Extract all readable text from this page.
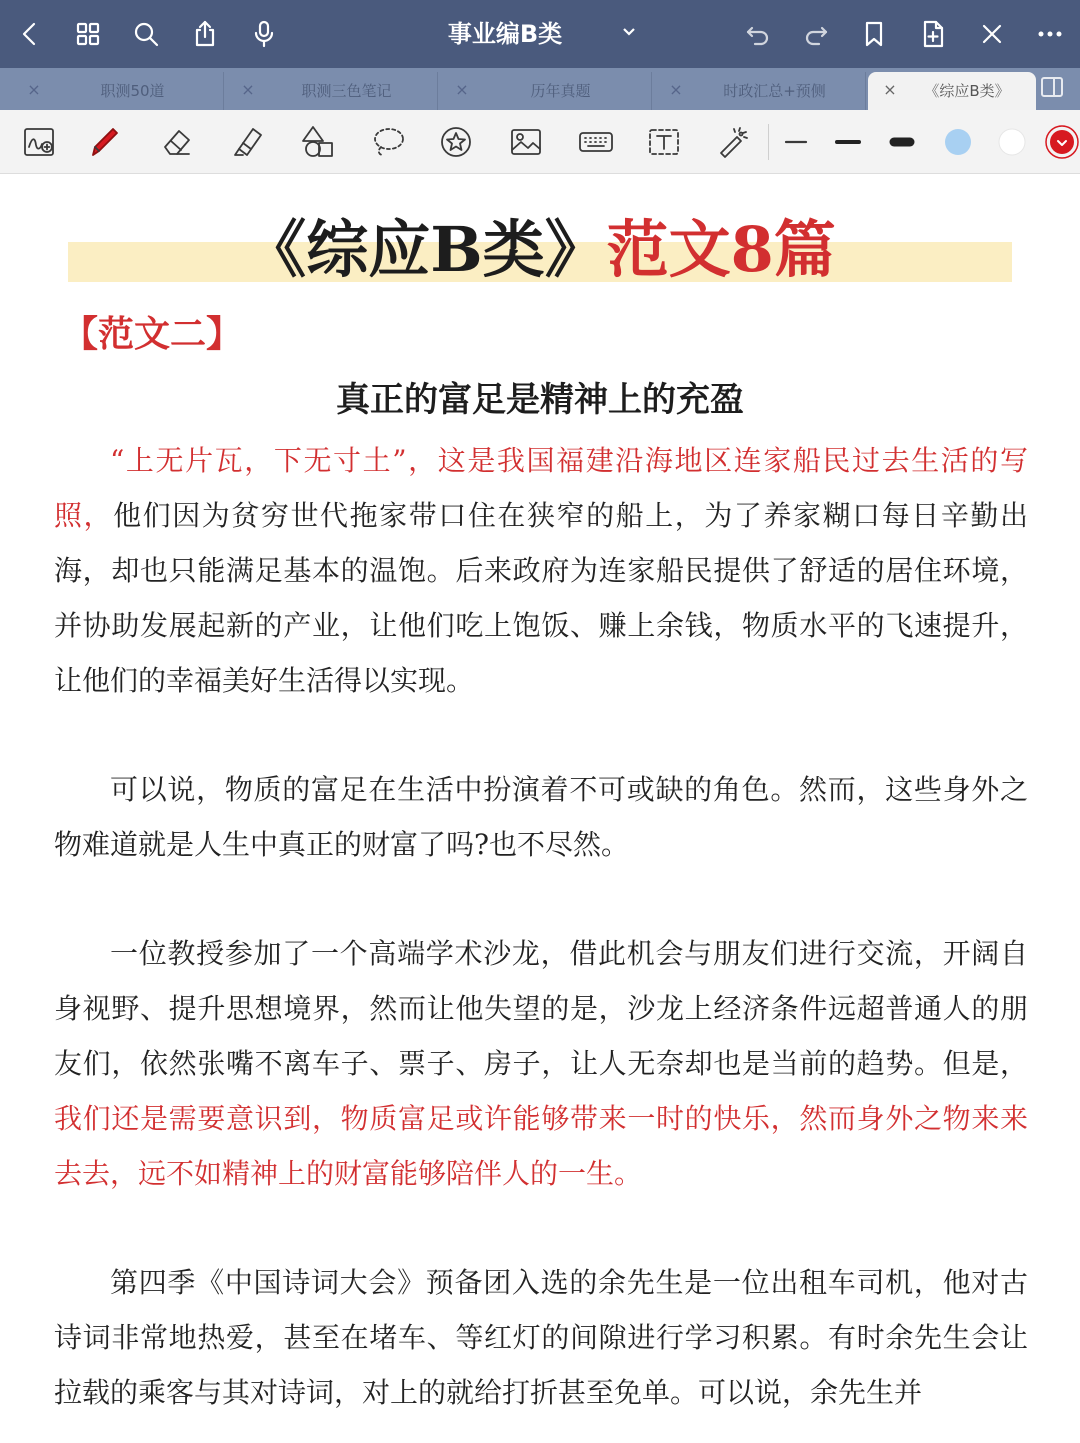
事业编B类
×	职测50道	×	职测三色笔记	×	历年真题	×	时政汇总+预侧	×	《综应B类》
《综应B类》范文8篇
【范文二】
真正的富足是精神上的充盈
“上无片瓦，下无寸土”，这是我国福建沿海地区连家船民过去生活的写照，他们因为贫穷世代拖家带口住在狭窄的船上，为了养家糊口每日辛勤出海，却也只能满足基本的温饱。后来政府为连家船民提供了舒适的居住环境，并协助发展起新的产业，让他们吃上饱饭、赚上余钱，物质水平的飞速提升，让他们的幸福美好生活得以实现。
可以说，物质的富足在生活中扮演着不可或缺的角色。然而，这些身外之物难道就是人生中真正的财富了吗?也不尽然。
一位教授参加了一个高端学术沙龙，借此机会与朋友们进行交流，开阔自身视野、提升思想境界，然而让他失望的是，沙龙上经济条件远超普通人的朋友们，依然张嘴不离车子、票子、房子，让人无奈却也是当前的趋势。但是，我们还是需要意识到，物质富足或许能够带来一时的快乐，然而身外之物来来去去，远不如精神上的财富能够陪伴人的一生。
第四季《中国诗词大会》预备团入选的余先生是一位出租车司机，他对古诗词非常地热爱，甚至在堵车、等红灯的间隙进行学习积累。有时余先生会让拉载的乘客与其对诗词，对上的就给打折甚至免单。可以说，余先生并
